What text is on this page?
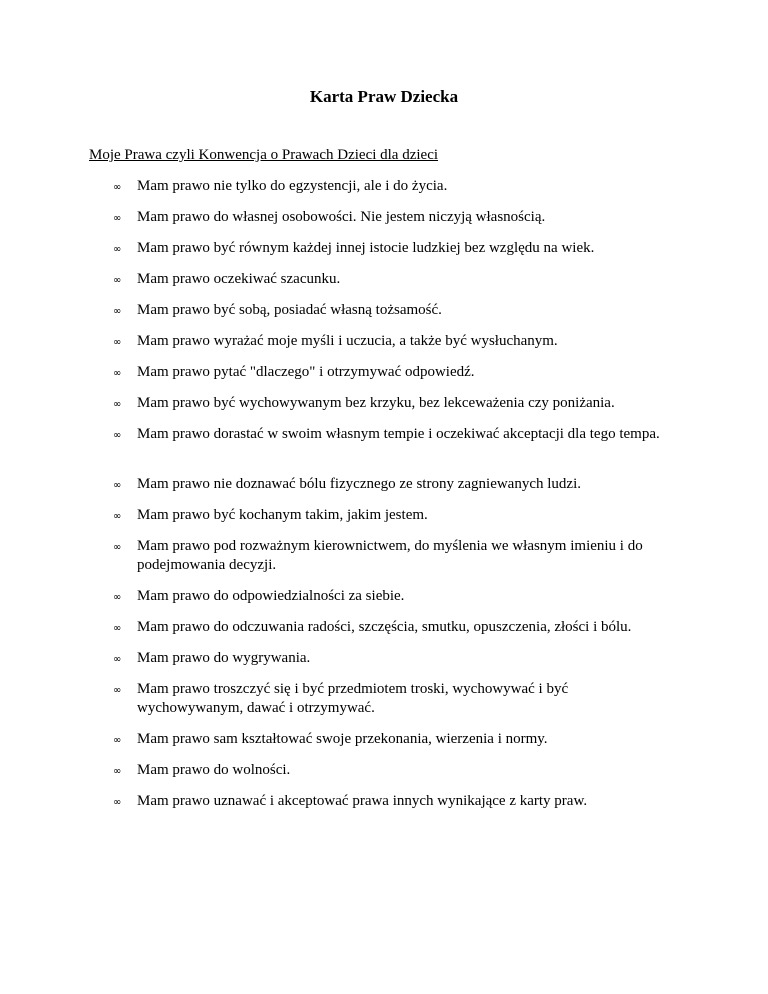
Karta Praw Dziecka

Moje Prawa czyli Konwencja o Prawach Dzieci dla dzieci

∞ Mam prawo nie tylko do egzystencji, ale i do życia.
∞ Mam prawo do własnej osobowości. Nie jestem niczyją własnością.
∞ Mam prawo być równym każdej innej istocie ludzkiej bez względu na wiek.
∞ Mam prawo oczekiwać szacunku.
∞ Mam prawo być sobą, posiadać własną tożsamość.
∞ Mam prawo wyrażać moje myśli i uczucia, a także być wysłuchanym.
∞ Mam prawo pytać "dlaczego" i otrzymywać odpowiedź.
∞ Mam prawo być wychowywanym bez krzyku, bez lekceważenia czy poniżania.
∞ Mam prawo dorastać w swoim własnym tempie i oczekiwać akceptacji dla tego tempa.
∞ Mam prawo nie doznawać bólu fizycznego ze strony zagniewanych ludzi.
∞ Mam prawo być kochanym takim, jakim jestem.
∞ Mam prawo pod rozważnym kierownictwem, do myślenia we własnym imieniu i do podejmowania decyzji.
∞ Mam prawo do odpowiedzialności za siebie.
∞ Mam prawo do odczuwania radości, szczęścia, smutku, opuszczenia, złości i bólu.
∞ Mam prawo do wygrywania.
∞ Mam prawo troszczyć się i być przedmiotem troski, wychowywać i być wychowywanym, dawać i otrzymywać.
∞ Mam prawo sam kształtować swoje przekonania, wierzenia i normy.
∞ Mam prawo do wolności.
∞ Mam prawo uznawać i akceptować prawa innych wynikające z karty praw.
